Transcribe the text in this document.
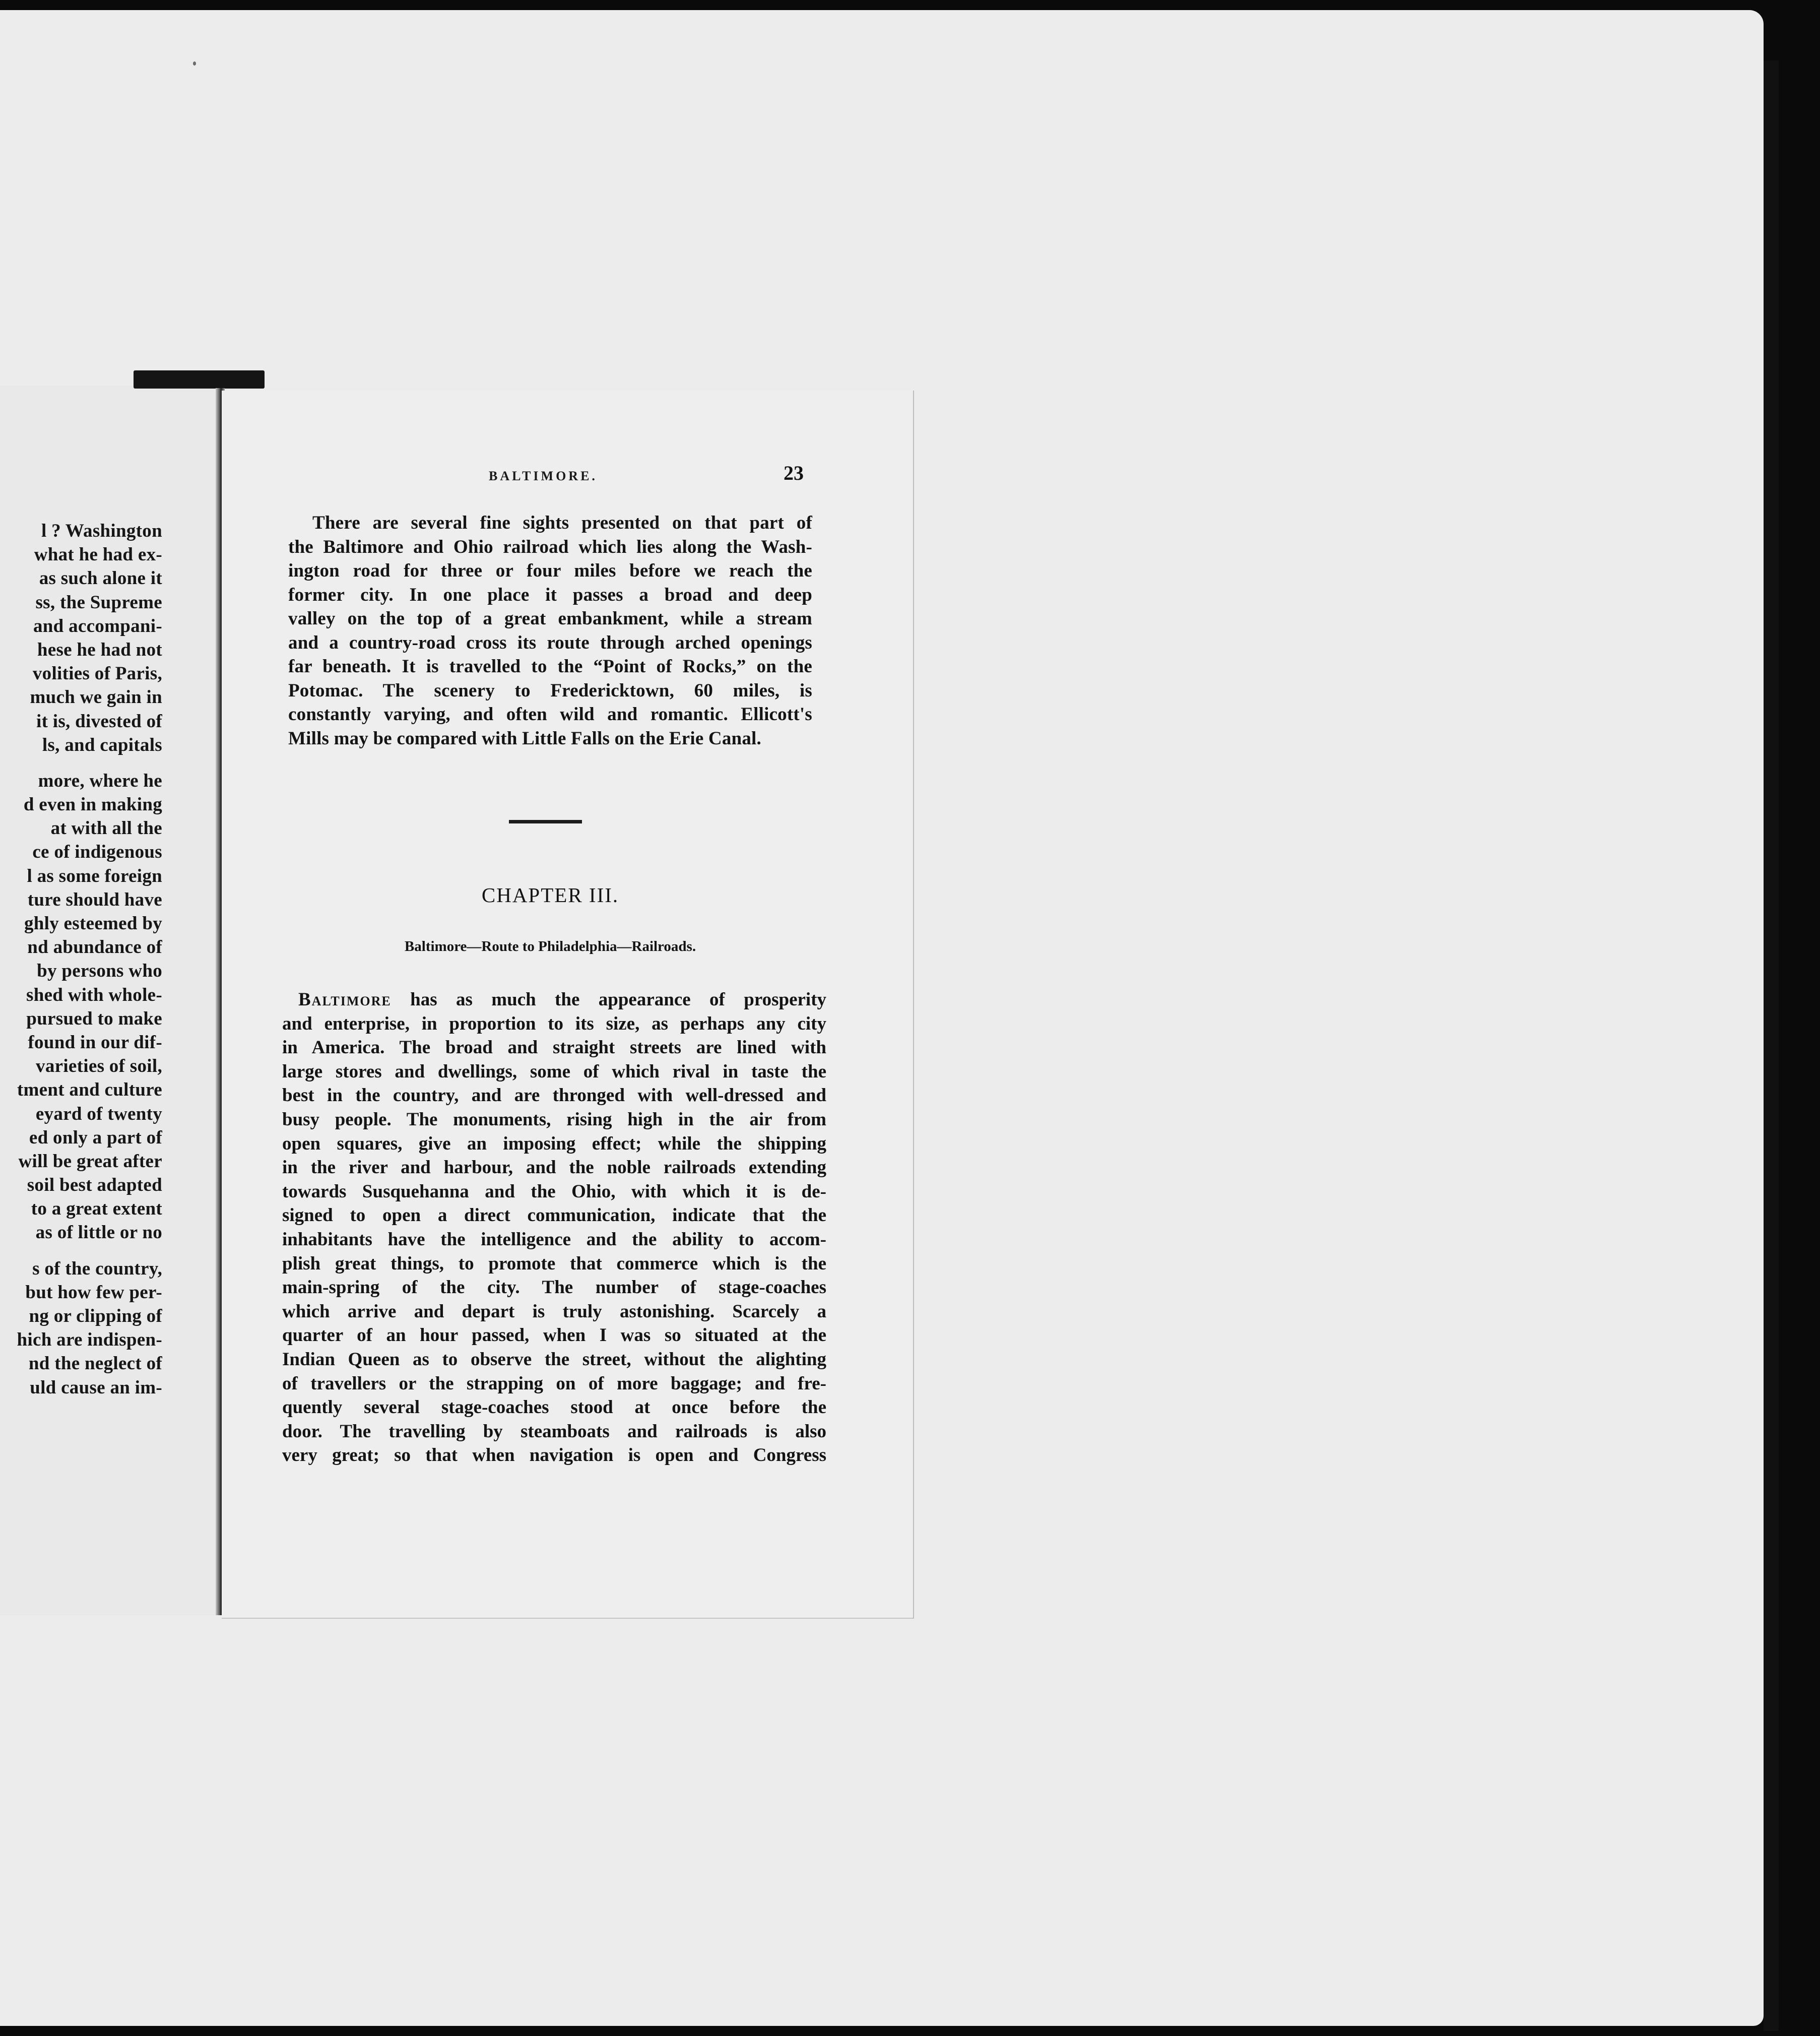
l ? Washington
what he had ex-
as such alone it
ss, the Supreme
and accompani-
hese he had not
volities of Paris,
much we gain in
it is, divested of
ls, and capitals
more, where he
d even in making
at with all the
ce of indigenous
l as some foreign
ture should have
ghly esteemed by
nd abundance of
by persons who
shed with whole-
pursued to make
found in our dif-
varieties of soil,
tment and culture
eyard of twenty
ed only a part of
will be great after
soil best adapted
to a great extent
as of little or no
s of the country,
but how few per-
ng or clipping of
hich are indispen-
nd the neglect of
uld cause an im-
BALTIMORE.	23
There are several fine sights presented on that part of
the Baltimore and Ohio railroad which lies along the Wash-
ington road for three or four miles before we reach the
former city. In one place it passes a broad and deep
valley on the top of a great embankment, while a stream
and a country-road cross its route through arched openings
far beneath. It is travelled to the “Point of Rocks,” on the
Potomac. The scenery to Fredericktown, 60 miles, is
constantly varying, and often wild and romantic. Ellicott's
Mills may be compared with Little Falls on the Erie Canal.
CHAPTER III.
Baltimore—Route to Philadelphia—Railroads.
Baltimore has as much the appearance of prosperity
and enterprise, in proportion to its size, as perhaps any city
in America. The broad and straight streets are lined with
large stores and dwellings, some of which rival in taste the
best in the country, and are thronged with well-dressed and
busy people. The monuments, rising high in the air from
open squares, give an imposing effect; while the shipping
in the river and harbour, and the noble railroads extending
towards Susquehanna and the Ohio, with which it is de-
signed to open a direct communication, indicate that the
inhabitants have the intelligence and the ability to accom-
plish great things, to promote that commerce which is the
main-spring of the city. The number of stage-coaches
which arrive and depart is truly astonishing. Scarcely a
quarter of an hour passed, when I was so situated at the
Indian Queen as to observe the street, without the alighting
of travellers or the strapping on of more baggage; and fre-
quently several stage-coaches stood at once before the
door. The travelling by steamboats and railroads is also
very great; so that when navigation is open and Congress
